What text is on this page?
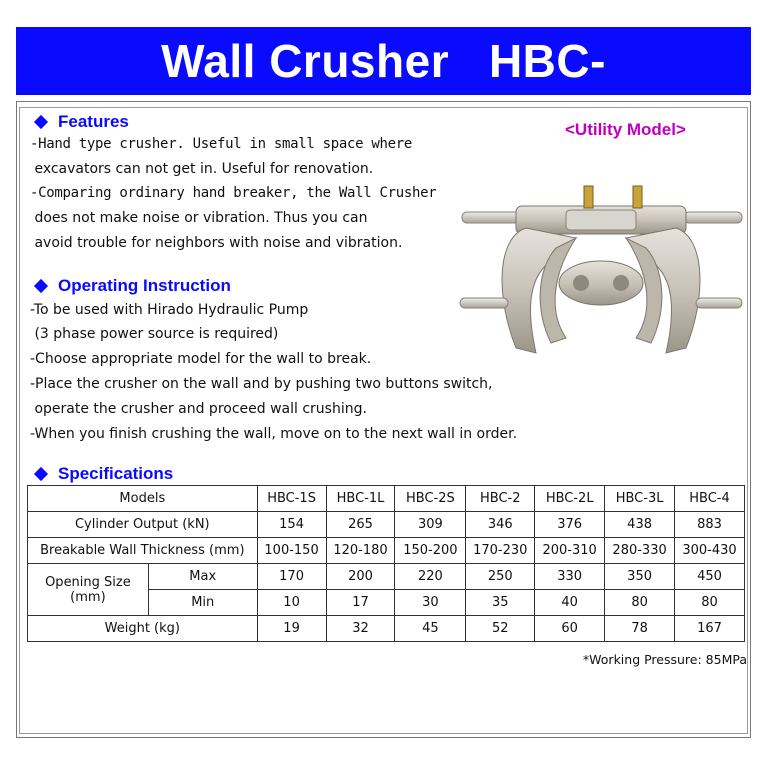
Wall Crusher   HBC-
Features	<Utility Model>
-Hand type crusher. Useful in small space where
excavators can not get in. Useful for renovation.
-Comparing ordinary hand breaker, the Wall Crusher
does not make noise or vibration. Thus you can
avoid trouble for neighbors with noise and vibration.
Operating Instruction
-To be used with Hirado Hydraulic Pump
(3 phase power source is required)
-Choose appropriate model for the wall to break.
-Place the crusher on the wall and by pushing two buttons switch,
operate the crusher and proceed wall crushing.
-When you finish crushing the wall, move on to the next wall in order.
Specifications
Models		HBC-1S	HBC-1L	HBC-2S	HBC-2	HBC-2L	HBC-3L	HBC-4
Cylinder Output (kN)		154	265	309	346	376	438	883
Breakable Wall Thickness (mm)		100-150	120-180	150-200	170-230	200-310	280-330	300-430

Opening Size
(mm)	Max	170	200	220	250	330	350	450
	Min	10	17	30	35	40	80	80
Weight (kg)		19	32	45	52	60	78	167
*Working Pressure: 85MPa
